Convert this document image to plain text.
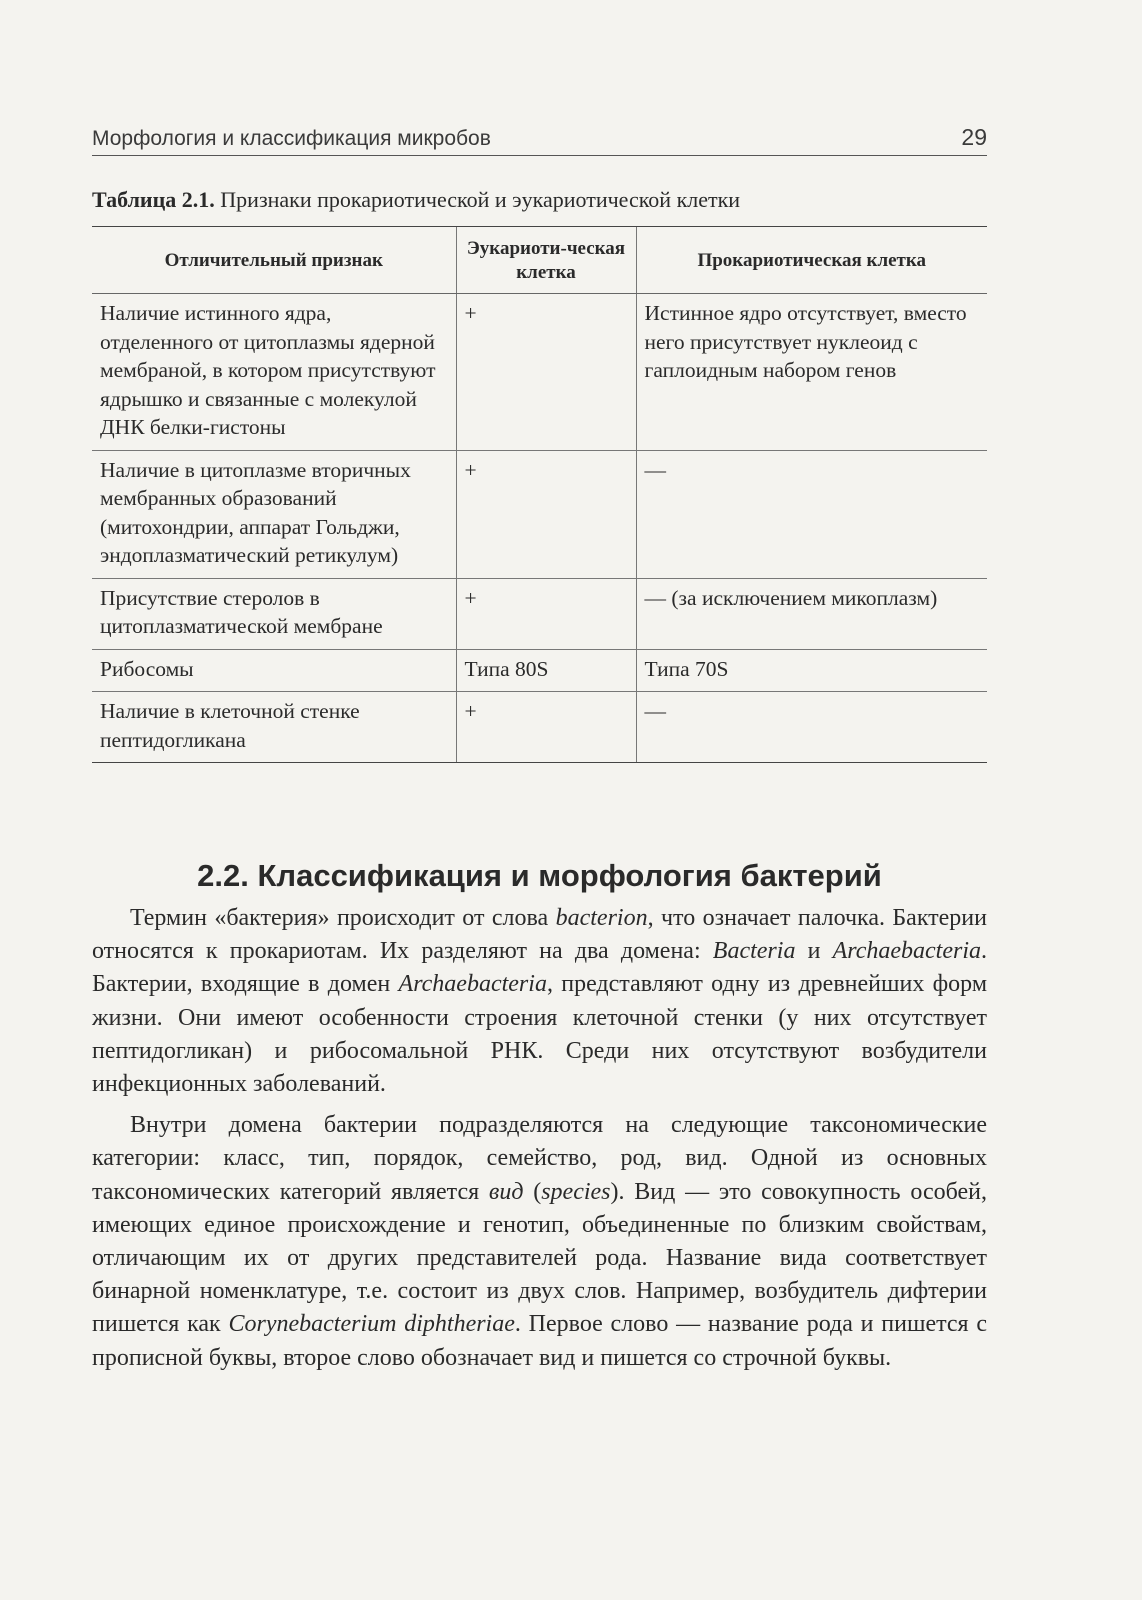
Морфология и классификация микробов	29
Таблица 2.1. Признаки прокариотической и эукариотической клетки
Отличительный признак	Эукариоти-ческая клетка	Прокариотическая клетка
Наличие истинного ядра, отделенного от цитоплазмы ядерной мембраной, в котором присутствуют ядрышко и связанные с молекулой ДНК белки-гистоны	+	Истинное ядро отсутствует, вместо него присутствует нуклеоид с гаплоидным набором генов
Наличие в цитоплазме вторичных мембранных образований (митохондрии, аппарат Гольджи, эндоплазматический ретикулум)	+	—
Присутствие стеролов в цитоплазматической мембране	+	— (за исключением микоплазм)
Рибосомы	Типа 80S	Типа 70S
Наличие в клеточной стенке пептидогликана	+	—
2.2. Классификация и морфология бактерий

Термин «бактерия» происходит от слова bacterion, что означает палочка. Бактерии относятся к прокариотам. Их разделяют на два домена: Bacteria и Archaebacteria. Бактерии, входящие в домен Archaebacteria, представляют одну из древнейших форм жизни. Они имеют особенности строения клеточной стенки (у них отсутствует пептидогликан) и рибосомальной РНК. Среди них отсутствуют возбудители инфекционных заболеваний.

Внутри домена бактерии подразделяются на следующие таксономические категории: класс, тип, порядок, семейство, род, вид. Одной из основных таксономических категорий является вид (species). Вид — это совокупность особей, имеющих единое происхождение и генотип, объединенные по близким свойствам, отличающим их от других представителей рода. Название вида соответствует бинарной номенклатуре, т.е. состоит из двух слов. Например, возбудитель дифтерии пишется как Corynebacterium diphtheriae. Первое слово — название рода и пишется с прописной буквы, второе слово обозначает вид и пишется со строчной буквы.
